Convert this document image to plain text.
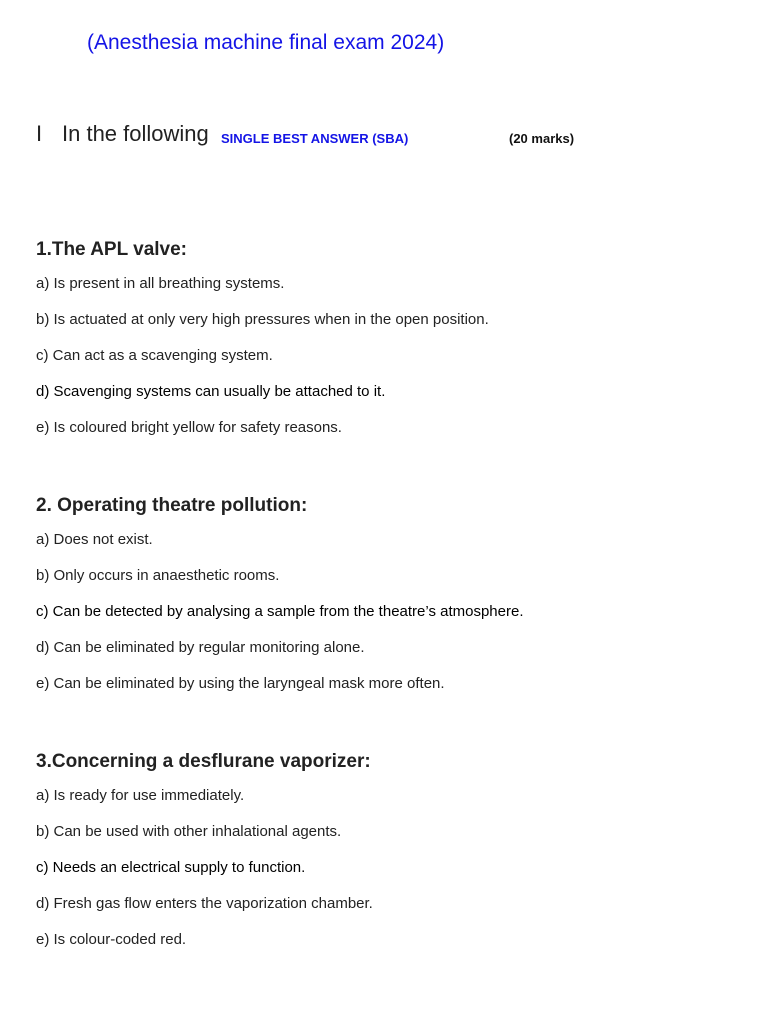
(Anesthesia machine final exam 2024)
I In the following SINGLE BEST ANSWER (SBA)	(20 marks)
1.The APL valve:
a) Is present in all breathing systems.
b) Is actuated at only very high pressures when in the open position.
c) Can act as a scavenging system.
d) Scavenging systems can usually be attached to it.
e) Is coloured bright yellow for safety reasons.
2. Operating theatre pollution:
a) Does not exist.
b) Only occurs in anaesthetic rooms.
c) Can be detected by analysing a sample from the theatre’s atmosphere.
d) Can be eliminated by regular monitoring alone.
e) Can be eliminated by using the laryngeal mask more often.
3.Concerning a desflurane vaporizer:
a) Is ready for use immediately.
b) Can be used with other inhalational agents.
c) Needs an electrical supply to function.
d) Fresh gas flow enters the vaporization chamber.
e) Is colour-coded red.
